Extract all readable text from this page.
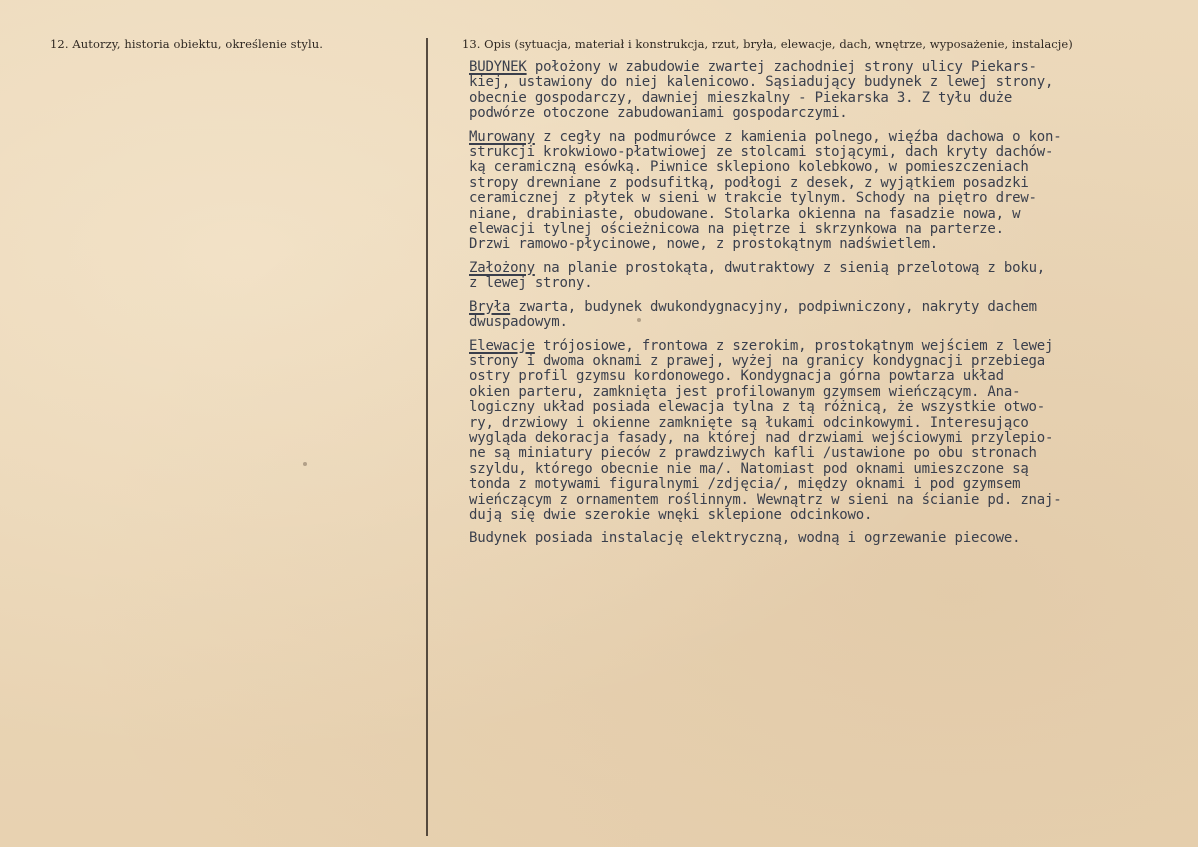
12. Autorzy, historia obiektu, określenie stylu.	13. Opis (sytuacja, materiał i konstrukcja, rzut, bryła, elewacje, dach, wnętrze, wyposażenie, instalacje)
BUDYNEK położony w zabudowie zwartej zachodniej strony ulicy Piekars-
kiej, ustawiony do niej kalenicowo. Sąsiadujący budynek z lewej strony,
obecnie gospodarczy, dawniej mieszkalny - Piekarska 3. Z tyłu duże
podwórze otoczone zabudowaniami gospodarczymi.
Murowany z cegły na podmurówce z kamienia polnego, więźba dachowa o kon-
strukcji krokwiowo-płatwiowej ze stolcami stojącymi, dach kryty dachów-
ką ceramiczną esówką. Piwnice sklepiono kolebkowo, w pomieszczeniach
stropy drewniane z podsufitką, podłogi z desek, z wyjątkiem posadzki
ceramicznej z płytek w sieni w trakcie tylnym. Schody na piętro drew-
niane, drabiniaste, obudowane. Stolarka okienna na fasadzie nowa, w
elewacji tylnej ościeżnicowa na piętrze i skrzynkowa na parterze.
Drzwi ramowo-płycinowe, nowe, z prostokątnym nadświetlem.
Założony na planie prostokąta, dwutraktowy z sienią przelotową z boku,
z lewej strony.
Bryła zwarta, budynek dwukondygnacyjny, podpiwniczony, nakryty dachem
dwuspadowym.
Elewacje trójosiowe, frontowa z szerokim, prostokątnym wejściem z lewej
strony i dwoma oknami z prawej, wyżej na granicy kondygnacji przebiega
ostry profil gzymsu kordonowego. Kondygnacja górna powtarza układ
okien parteru, zamknięta jest profilowanym gzymsem wieńczącym. Ana-
logiczny układ posiada elewacja tylna z tą różnicą, że wszystkie otwo-
ry, drzwiowy i okienne zamknięte są łukami odcinkowymi. Interesująco
wygląda dekoracja fasady, na której nad drzwiami wejściowymi przylepio-
ne są miniatury pieców z prawdziwych kafli /ustawione po obu stronach
szyldu, którego obecnie nie ma/. Natomiast pod oknami umieszczone są
tonda z motywami figuralnymi /zdjęcia/, między oknami i pod gzymsem
wieńczącym z ornamentem roślinnym. Wewnątrz w sieni na ścianie pd. znaj-
dują się dwie szerokie wnęki sklepione odcinkowo.
Budynek posiada instalację elektryczną, wodną i ogrzewanie piecowe.
